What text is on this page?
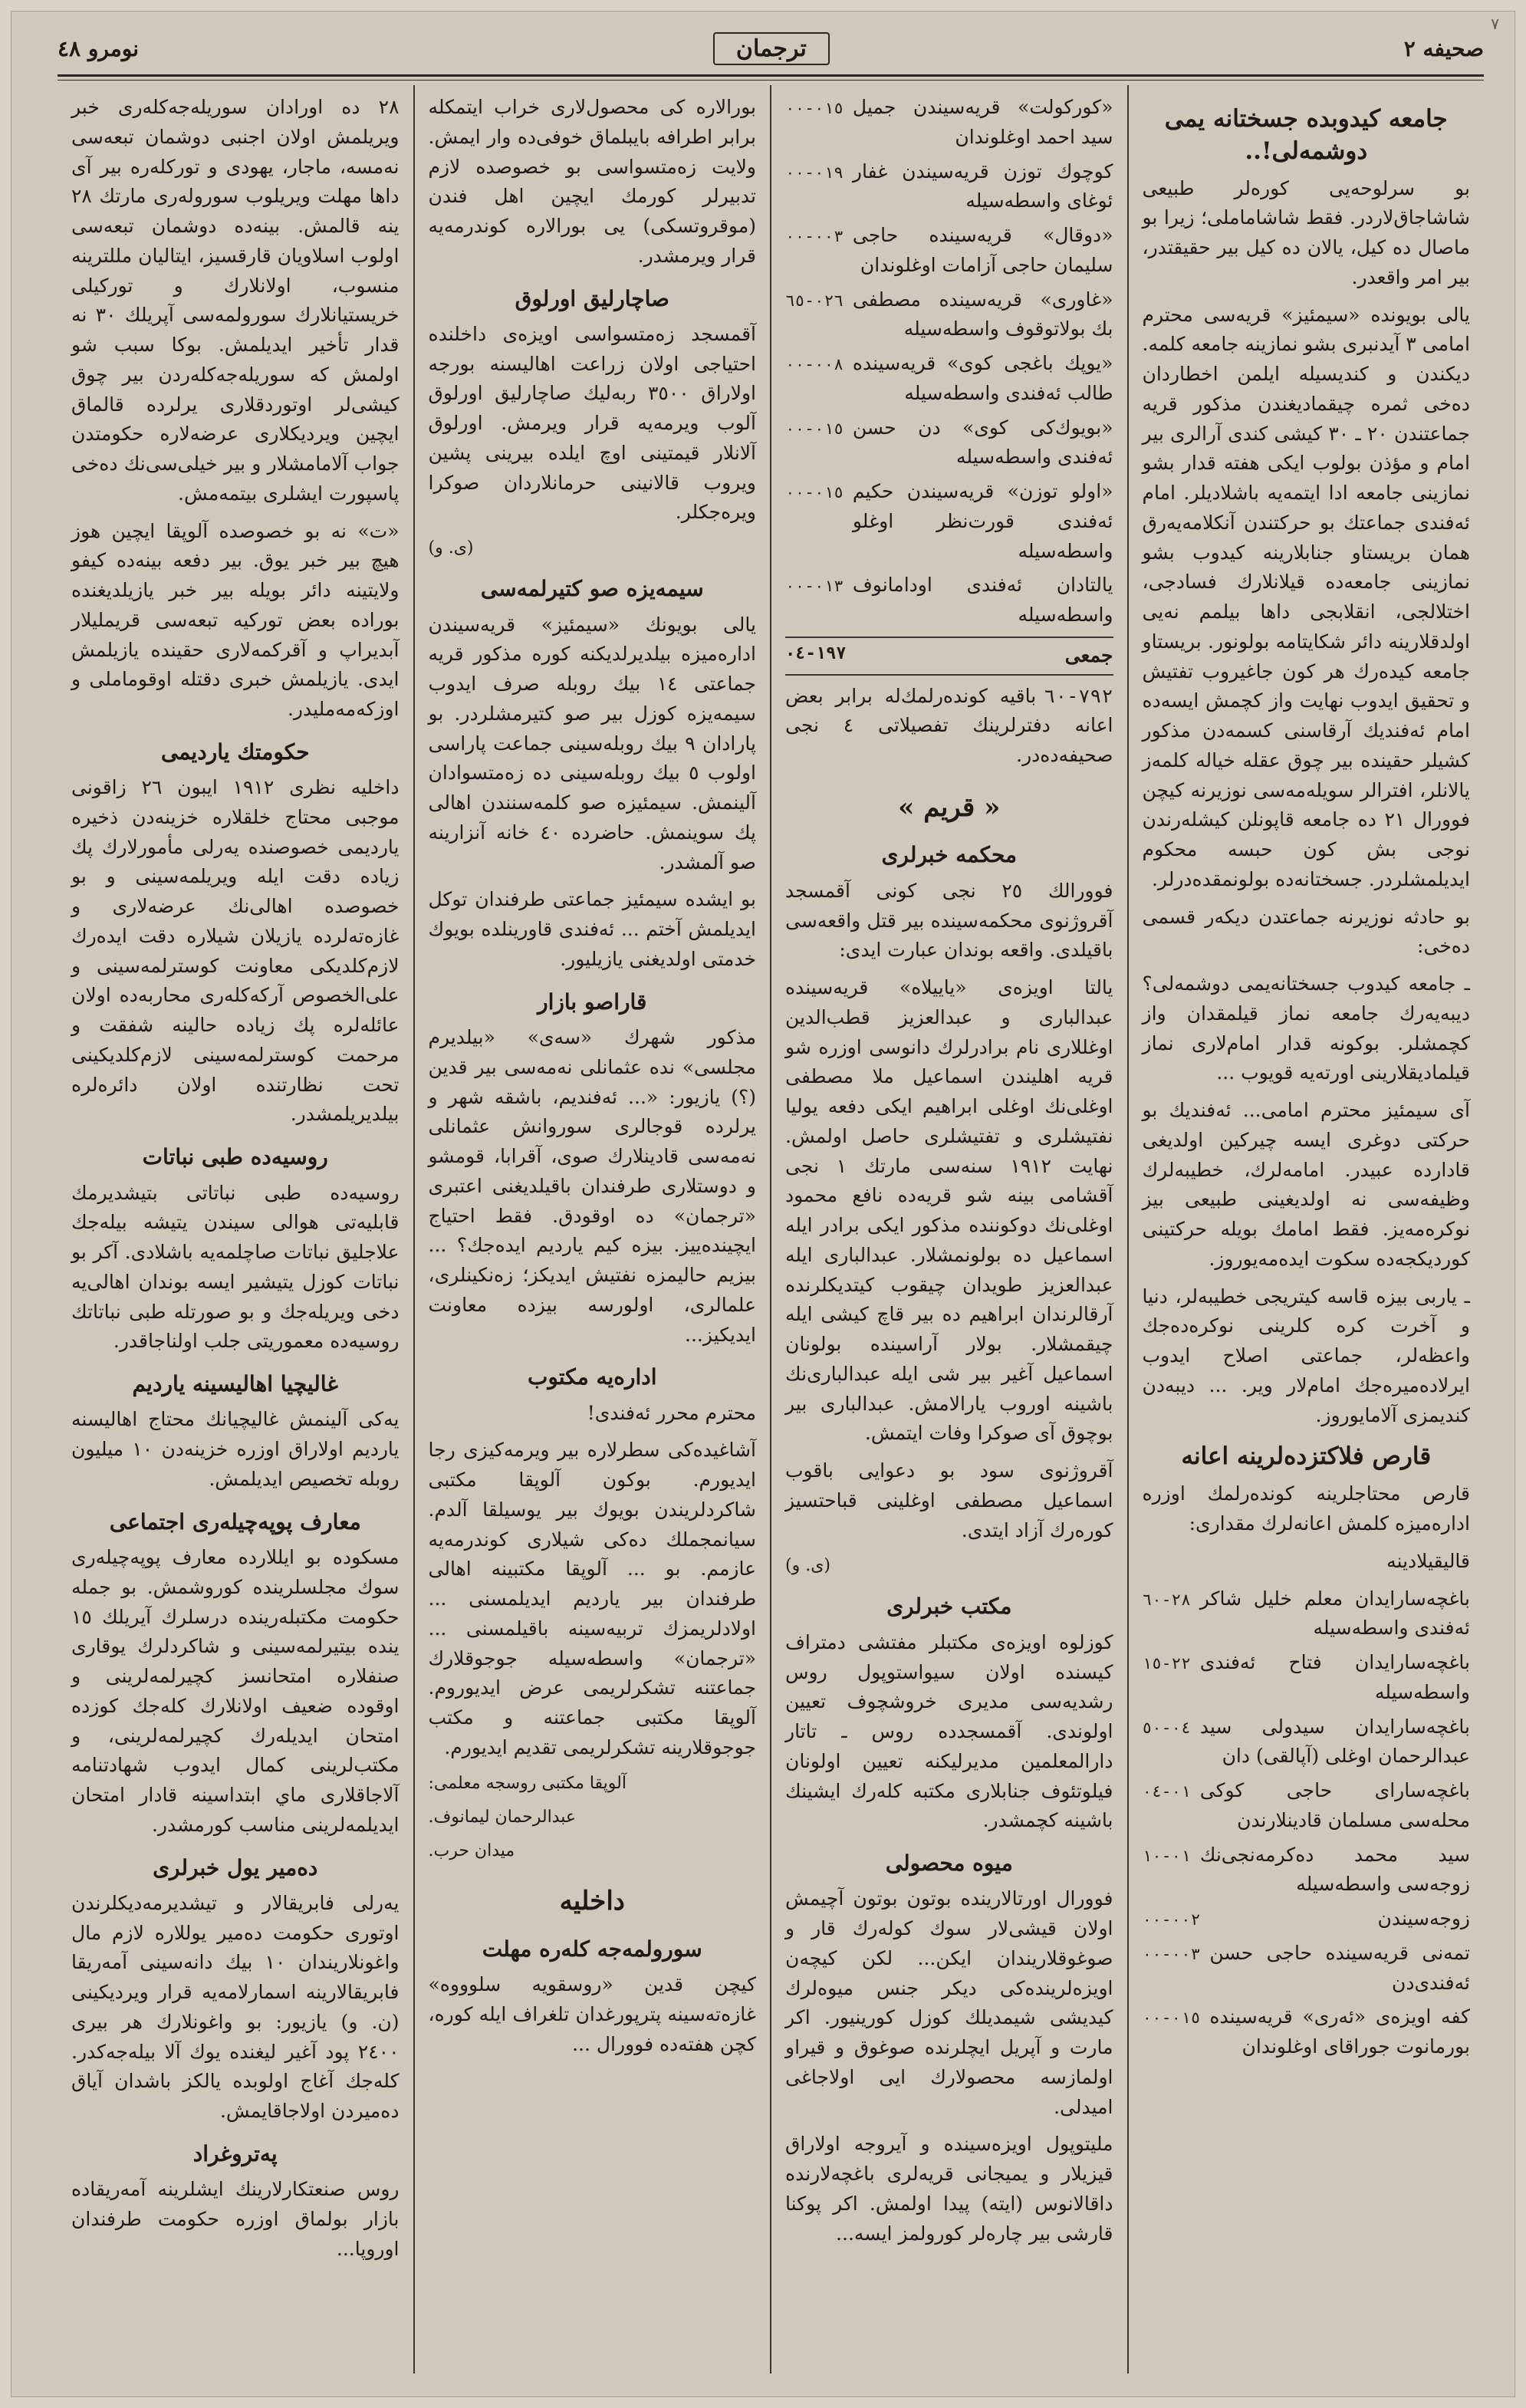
٧
صحیفه ۲
ترجمان
نومرو ٤٨
جامعه کیدوبده جسختانه یمی دوشمەلی!..

بو سرلوحه‌یی کوره‌لر طبیعی شاشاجاق‌لاردر. فقط شاشاماملی؛ زیرا بو ماصال ده کیل، یالان ده کیل بیر حقیقتدر، بیر امر واقعدر.

یالی بویونده «سیمئیز» قریه‌سی محترم امامی ۳ آیدنبری بشو نمازینه جامعه کلمه. دیکندن و کندیسیله ایلمن اخطاردان دەخی ثمره چیقمادیغندن مذکور قریه جماعتندن ۲۰ ـ ۳۰ کیشی کندی آرالری بیر امام و مؤذن بولوب ایکی هفته قدار بشو نمازینی جامعه ادا ایتمه‌یه باشلادیلر. امام ئه‌فندی جماعتك بو حرکتندن آنکلامه‌یه‌رق همان بریستاو جنابلارینه کیدوب بشو نمازینی جامعه‌ده قیلانلارك فسادجی، اختلالجی، انقلابجی داها بیلمم نه‌یی اولدقلارینه دائر شکایتامه بولونور. بریستاو جامعه کیدەرك هر کون جاغیروب تفتیش و تحقیق ایدوب نهایت واز کچمش ایسه‌ده امام ئه‌فندیك آرقاسنی کسمه‌دن مذکور کشیلر حقینده بیر چوق عقله خیاله کلمه‌ز یالانلر، افترالر سویله‌مه‌سی نوزیرنه کیچن فوورال ۲۱ ده جامعه قاپونلن کیشله‌رندن نوجی بش کون حبسه محکوم ایدیلمشلردر. جسختانه‌ده بولونمقدەدرلر.

بو حادثه نوزیرنه جماعتدن دیکەر قسمی ده‌خی:

ـ جامعه کیدوب جسختانه‌یمی دوشمه‌لی؟ دیبه‌یەرك جامعه نماز قیلمقدان واز کچمشلر. بوکونه قدار امام‌لاری نماز قیلمادیقلارینی اورته‌یە قویوب ...

آی سیمئیز محترم امامی... ئه‌فندیك بو حرکتی دوغری ایسه چیرکین اولدیغی قادارده عبیدر. امامه‌لرك، خطیبه‌لرك وظیفه‌سی نه اولدیغینی طبیعی بیز نوکرەمه‌یز. فقط امامك بویله حرکتینی کوردیکجه‌ده سکوت ایده‌مه‌یوروز.

ـ یاربی بیزه قاسه کیتریجی خطیبه‌لر، دنیا و آخرت کره کلرینی نوکرەده‌جك واعظه‌لر، جماعتی اصلاح ایدوب ایرلادەمیرە‌جك امام‌لار ویر. ... دیبه‌دن کندیمزی آلامایوروز.

قارص فلاکتزده‌لرینه اعانه

قارص محتاجلرینه کوندەرلمك اوزره اداره‌میزه کلمش اعانه‌لرك مقداری:

قالیقیلادینه

باغچه‌سارایدان معلم خلیل شاکر ئه‌فندی واسطه‌سیله
٢٨-٦٠
باغچه‌سارایدان فتاح ئه‌فندی واسطه‌سیله
٢٢-١٥
باغچه‌سارایدان سیدولی سید عبدالرحمان اوغلی (آپالقی) دان
٠٤-٥٠
باغچه‌سارای حاجی کوکی محله‌سی مسلمان قادینلارندن
٠١-٠٤
سید محمد ده‌کرمه‌نجی‌نك زوجه‌سی واسطه‌سیله
٠١-١٠
زوجه‌سیندن
٠٠٢-٠٠
تمه‌نی قریه‌سینده حاجی حسن ئه‌فندی‌دن
٠٠٣-٠٠
کفه اویزه‌ی «ئه‌ری» قریه‌سینده بورمانوت جوراقای اوغلوندان
٠١٥-٠٠
«کورکولت» قریه‌سیندن جمیل سید احمد اوغلوندان
٠١٥-٠٠
کوچوك توزن قریه‌سیندن غفار ئوغای واسطه‌سیله
٠١٩-٠٠
«دوقال» قریه‌سینده حاجی سلیمان حاجی آزامات اوغلوندان
٠٠٣-٠٠
«غاوری» قریه‌سینده مصطفی بك بولاتوقوف واسطه‌سیله
٠٢٦-٦٥
«یوپك باغجی کوی» قریه‌سینده طالب ئه‌فندی واسطه‌سیله
٠٠٨-٠٠
«بویوك‌کی کوی» دن حسن ئه‌فندی واسطه‌سیله
٠١٥-٠٠
«اولو توزن» قریه‌سیندن حکیم ئه‌فندی قورت‌نظر اوغلو واسطه‌سیله
٠١٥-٠٠
یالتادان ئه‌فندی اودامانوف واسطه‌سیله
٠١٣-٠٠
جمعی
١٩٧-٠٤

٧٩٢-٦٠باقیه کوندەرلمك‌له برابر بعض اعانه دفترلرينك تفصيلاتی ٤ نجی صحیفه‌ده‌در.

« قریم »
محکمه خبرلری

فوورالك ٢٥ نجی کونی آقمسجد آقروژنوی محکمه‌سینده بیر قتل واقعه‌سی باقیلدی. واقعه بوندان عبارت ایدی:

یالتا اویزه‌ی «یاییلاه» قریه‌سینده عبدالباری و عبدالعزیز قطب‌الدین اوغللاری نام برادرلرك دانوسی اوزره شو قریه اهلیندن اسماعیل ملا مصطفی اوغلی‌نك اوغلی ابراهیم ایکی دفعه یولیا نفتیشلری و تفتیشلری حاصل اولمش. نهایت ١٩١٢ سنه‌سی مارتك ١ نجی آقشامی بینه شو قریه‌ده نافع محمود اوغلی‌نك دوکوننده مذکور ایکی برادر ایله اسماعیل ده بولونمشلار. عبدالباری ایله عبدالعزیز طویدان چیقوب کیتدیکلرنده آرقالرندان ابراهیم ده بیر قاچ کیشی ایله چیقمشلار. بولار آراسینده بولونان اسماعیل آغیر بیر شی ایله عبدالباری‌نك باشینه اوروب یارالامش. عبدالباری بیر بوچوق آی صوکرا وفات ایتمش.

آقروژنوی سود بو دعوایی باقوب اسماعیل مصطفی اوغلینی قباحتسیز کورەرك آزاد ایتدی.

(ی. و)
مکتب خبرلری

کوزلوه اویزه‌ی مکتبلر مفتشی دمتراف کیسنده اولان سیواستوپول روس رشدیه‌سی مدیری خروشچوف تعیین اولوندی. آقمسجد‌ده روس ـ تاتار دارالمعلمین مدیرلیکنه تعیین اولونان فیلوتئوف جنابلاری مکتبه کله‌رك ایشینك باشینه کچمشدر.

میوه محصولی

فوورال اورتالارینده بوتون بوتون آچیمش اولان قیشی‌لار سوك کوله‌رك قار و صوغوقلاریندان ایکن... لکن کیچەن اویزه‌لرینده‌کی دیکر جنس میوه‌لرك کیدیشی شیمدیلك کوزل کورینیور. اکر مارت و آپریل ایچلرنده صوغوق و قیراو اولمازسه محصولارك ایی اولاجاغی امیدلی.

ملیتوپول اویزه‌سینده و آیروجه اولاراق قیزیلار و یمیجانی قریه‌لری باغچه‌لارنده داقالانوس (ایته) پیدا اولمش. اکر پوکنا قارشی بیر چاره‌لر کورولمز ایسه...

بورالاره کی محصول‌لاری خراب ایتمکله برابر اطرافه بایبلماق خوفی‌ده وار ایمش. ولایت زه‌متسواسی بو خصوصده لازم تدبیرلر کورمك ایچین اهل فندن (موقروتسکی) یی بورالاره کوندرمه‌یه قرار ویرمشدر.

صاچارلیق اورلوق

آقمسجد زه‌متسواسی اویزه‌ی داخلنده احتیاجی اولان زراعت اهالیسنه بورجه اولاراق ٣٥٠٠ ربه‌لیك صاچارلیق اورلوق آلوب ویرمه‌یه قرار ویرمش. اورلوق آلانلار قیمتینی اوچ ایلده بیرینی پشین ویروب قالانینی حرمانلاردان صوکرا ویره‌جکلر.

(ی. و)
سیمه‌یزه صو کتیرلمه‌سی

یالی بویونك «سیمئیز» قریه‌سیندن اداره‌میزه بیلدیرلدیکنه کوره مذکور قریه جماعتی ١٤ بیك روبله صرف ایدوب سیمه‌یزه کوزل بیر صو کتیرمشلردر. بو پارادان ٩ بیك روبله‌سینی جماعت پاراسی اولوب ٥ بیك روبله‌سینی ده زه‌متسوادان آلینمش. سیمئیزه صو کلمه‌سنندن اهالی پك سوینمش. حاضرده ٤٠ خانه آنزارینه صو آلمشدر.

بو ایشده سیمئیز جماعتی طرفندان توکل ایدیلمش آختم ... ئه‌فندی قاورینلده بویوك خدمتی اولدیغنی یازیلیور.

قاراصو بازار

مذکور شهرك «سه‌ی» «بیلدیرم مجلسی» نده عثمانلی نه‌مه‌سی بیر قدین (؟) یازیور: «... ئه‌فندیم، باشقه شهر و یرلرده قوجالری سوروانش عثمانلی نه‌مه‌سی قادینلارك صوی، آقرابا، قومشو و دوستلاری طرفندان باقیلدیغنی اعتبری «ترجمان» ده اوقودق. فقط احتیاج ایچینده‌ییز. بیزه کیم یاردیم ایدەجك؟ ... بیزیم حالیمزه نفتیش ایدیکز؛ زه‌نکینلری، علمالری، اولورسه بیزده معاونت ایدیکیز...

اداره‌یه مکتوب

محترم محرر ئه‌فندی!

آشاغیده‌کی سطرلاره بیر ویرمه‌کیزی رجا ایدیورم. بوکون آلوپقا مکتبی شاکردلریندن بویوك بیر یوسیلقا آلدم. سیانمجملك ده‌کی شیلاری کوندرمه‌یه عازمم. بو ... آلوپقا مکتبینه اهالی طرفندان بیر یاردیم ایدیلمسنی ... اولادلریمزك تربیه‌سینه باقیلمسنی ... «ترجمان» واسطه‌سیله جوجوقلارك جماعتنه تشکرلریمی عرض ایدیوروم. آلوپقا مکتبی جماعتنه و مکتب جوجوقلارینه تشکرلریمی تقدیم ایدیورم.

آلوپقا مکتبی روسجه معلمی:
عبدالرحمان لیمانوف.
میدان حرب.
داخلیه
سورولمه‌جه کله‌رە مهلت

کیچن قدین «روسقویه سلوووه» غازه‌ته‌سینه پترپورغدان تلغراف ایله کوره، کچن هفته‌ده فوورال ...

٢٨ ده اورادان سوریله‌جه‌کله‌ری خبر ویریلمش اولان اجنبی دوشمان تبعه‌سی نەمسه، ماجار، یهودی و تورکله‌ره بیر آی داها مهلت ویریلوب سوروله‌ری مارتك ٢٨ ینه قالمش. بینه‌ده دوشمان تبعه‌سی اولوب اسلاویان قارقسیز، ایتالیان مللترینه منسوب، اولانلارك و تورکیلی خریستیانلارك سورولمه‌سی آپریلك ٣٠ نه قدار تأخیر ایدیلمش. بوکا سبب شو اولمش که سوریله‌جه‌کله‌ردن بیر چوق کیشی‌لر اوتوردقلاری یرلرده قالماق ایچین ویردیکلاری عرضه‌لاره حکومتدن جواب آلامامشلار و بیر خیلی‌سی‌نك ده‌خی پاسپورت ایشلری بیتمه‌مش.

«ت» نه بو خصوصده آلوپقا ایچین هوز هیچ بیر خبر یوق. بیر دفعه بینه‌ده کیفو ولایتینه دائر بویله بیر خبر یازیلدیغنده بوراده بعض تورکیه تبعه‌سی قریملیلار آبدیراپ و آقرکمه‌لاری حقینده یازیلمش ایدی. یازیلمش خبری دقتله اوقوماملی و اوزکه‌مه‌ملیدر.

حکومتك یاردیمی

داخلیه نظری ١٩١٢ ایبون ٢٦ زاقونی موجبی محتاج خلقلاره خزینه‌دن ذخیره یاردیمی خصوصنده یه‌رلی مأمورلارك پك زیاده دقت ایله ویریلمه‌سینی و بو خصوصده اهالی‌نك عرضه‌لاری و غازه‌ته‌لرده یازیلان شیلاره دقت ایدەرك لازم‌کلدیکی معاونت کوسترلمه‌سینی و علی‌الخصوص آرکه‌کله‌ری محاربه‌ده اولان عائله‌لره پك زیاده حالینه شفقت و مرحمت کوسترلمه‌سینی لازم‌کلدیکینی تحت نظارتنده اولان دائره‌لره بیلدیریلمشدر.

روسیه‌ده طبی نباتات

روسیه‌ده طبی نباتاتی بتیشدیرمك قابلیه‌تی هوالی سیندن یتیشه بیلەجك علاجلیق نباتات صاچلمه‌یه باشلادی. آکر بو نباتات کوزل یتیشیر ایسه بوندان اهالی‌یه دخی ویریلەجك و بو صورتله طبی نباتاتك روسیه‌ده معموریتی جلب اولناجاقدر.

غالیچیا اهالیسینه یاردیم

یه‌کی آلینمش غالیچیانك محتاج اهالیسنه یاردیم اولاراق اوزره خزینه‌دن ١٠ میلیون روبله تخصیص ایدیلمش.

معارف پوپه‌چیله‌ری اجتماعی

مسکوده بو ایللاردە معارف پوپه‌چیله‌ری سوك مجلسلرینده کوروشمش. بو جمله حکومت مکتبله‌رینده درسلرك آیریلك ١٥ ینده بیتیرلمه‌سینی و شاکردلرك یوقاری صنفلاره امتحانسز کچیرلمه‌لرینی و اوقوده ضعیف اولانلارك کله‌جك کوزده امتحان ایدیلەرك کچیرلمه‌لرینی، و مکتب‌لرینی کمال ایدوب شهادتنامه آلاجاقلاری ماي ابتداسینه قادار امتحان ایدیلمه‌لرینی مناسب کورمشدر.

ده‌میر یول خبرلری

یه‌رلی فابریقالار و تیشدیرمه‌دیکلرندن اوتوری حکومت ده‌میر یوللاره لازم مال واغونلاریندان ١٠ بیك دانه‌سینی آمه‌ریقا فابریقالارینه اسمارلامه‌یه قرار ویردیکینی (ن. و) یازیور: بو واغونلارك هر بیری ٢٤٠٠ پود آغیر لیغنده یوك آلا بیله‌جه‌کدر. کله‌جك آغاج اولوبده یالکز باشدان آیاق ده‌میردن اولاجاقایمش.

پەتروغراد

روس صنعتکارلارینك ایشلرینه آمه‌ریقاده بازار بولماق اوزره حکومت طرفندان اوروپا...
